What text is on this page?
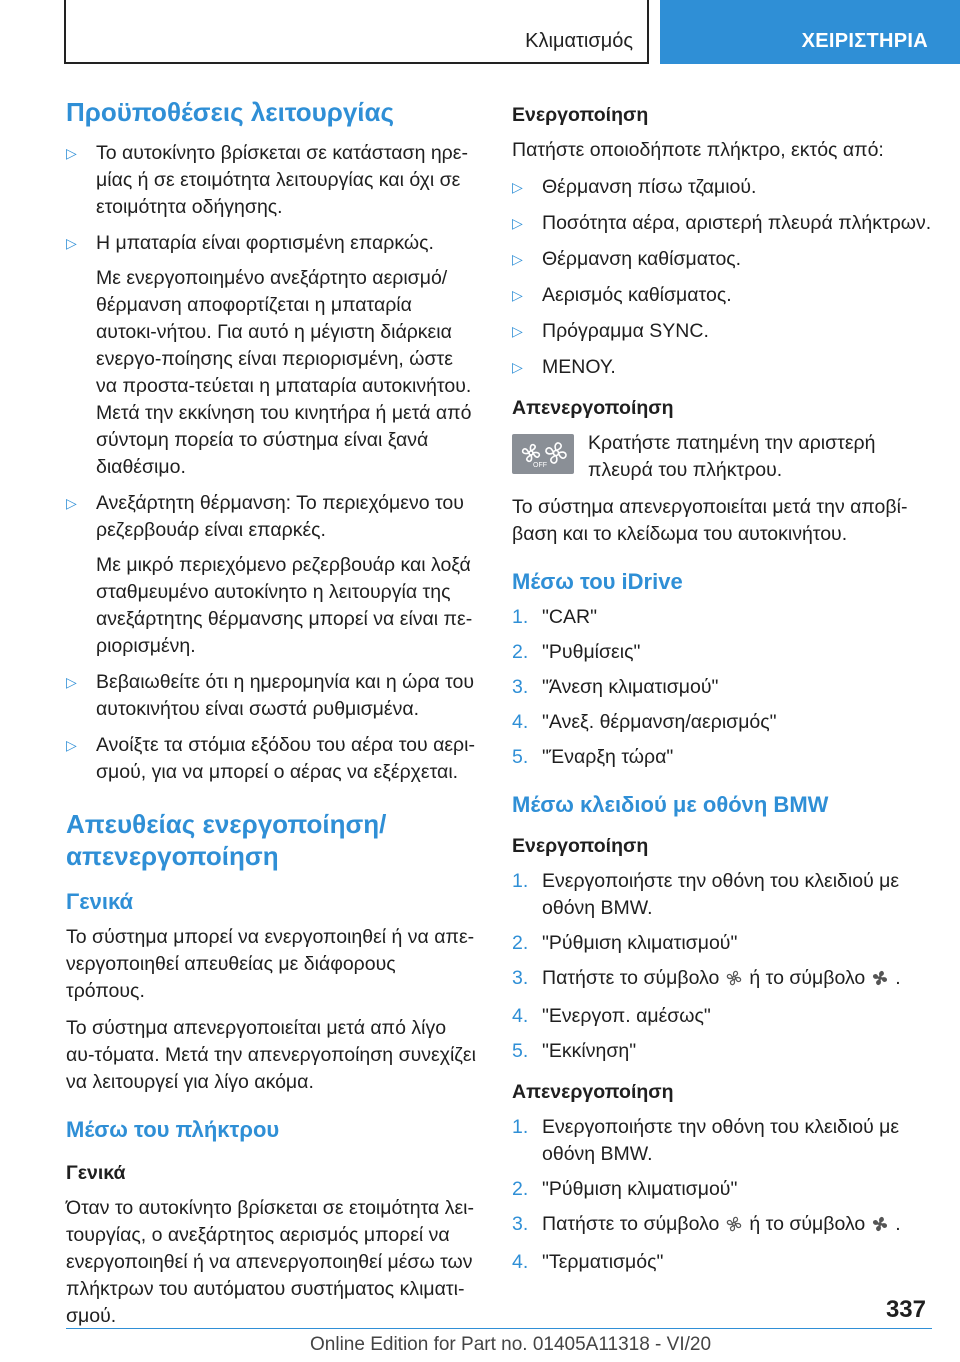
Κλιματισμός	ΧΕΙΡΙΣΤΗΡΙΑ
Προϋποθέσεις λειτουργίας
▷ Το αυτοκίνητο βρίσκεται σε κατάσταση ηρε-μίας ή σε ετοιμότητα λειτουργίας και όχι σε ετοιμότητα οδήγησης.
▷ Η μπαταρία είναι φορτισμένη επαρκώς.
Με ενεργοποιημένο ανεξάρτητο αερισμό/θέρμανση αποφορτίζεται η μπαταρία αυτοκι-νήτου. Για αυτό η μέγιστη διάρκεια ενεργο-ποίησης είναι περιορισμένη, ώστε να προστα-τεύεται η μπαταρία αυτοκινήτου. Μετά την εκκίνηση του κινητήρα ή μετά από σύντομη πορεία το σύστημα είναι ξανά διαθέσιμο.
▷ Ανεξάρτητη θέρμανση: Το περιεχόμενο του ρεζερβουάρ είναι επαρκές.
Με μικρό περιεχόμενο ρεζερβουάρ και λοξά σταθμευμένο αυτοκίνητο η λειτουργία της ανεξάρτητης θέρμανσης μπορεί να είναι πε-ριορισμένη.
▷ Βεβαιωθείτε ότι η ημερομηνία και η ώρα του αυτοκινήτου είναι σωστά ρυθμισμένα.
▷ Ανοίξτε τα στόμια εξόδου του αέρα του αερι-σμού, για να μπορεί ο αέρας να εξέρχεται.
Απευθείας ενεργοποίηση/ απενεργοποίηση
Γενικά

Το σύστημα μπορεί να ενεργοποιηθεί ή να απε-νεργοποιηθεί απευθείας με διάφορους τρόπους.

Το σύστημα απενεργοποιείται μετά από λίγο αυ-τόματα. Μετά την απενεργοποίηση συνεχίζει να λειτουργεί για λίγο ακόμα.

Μέσω του πλήκτρου
Γενικά

Όταν το αυτοκίνητο βρίσκεται σε ετοιμότητα λει-τουργίας, ο ανεξάρτητος αερισμός μπορεί να ενεργοποιηθεί ή να απενεργοποιηθεί μέσω των πλήκτρων του αυτόματου συστήματος κλιματι-σμού.

Ενεργοποίηση

Πατήστε οποιοδήποτε πλήκτρο, εκτός από:

▷ Θέρμανση πίσω τζαμιού.
▷ Ποσότητα αέρα, αριστερή πλευρά πλήκτρων.
▷ Θέρμανση καθίσματος.
▷ Αερισμός καθίσματος.
▷ Πρόγραμμα SYNC.
▷ ΜΕΝΟΥ.
Απενεργοποίηση
OFF
Κρατήστε πατημένη την αριστερή πλευρά του πλήκτρου.

Το σύστημα απενεργοποιείται μετά την αποβί-βαση και το κλείδωμα του αυτοκινήτου.

Μέσω του iDrive
1. "CAR"
2. "Ρυθμίσεις"
3. "Άνεση κλιματισμού"
4. "Ανεξ. θέρμανση/αερισμός"
5. "Έναρξη τώρα"
Μέσω κλειδιού με οθόνη BMW
Ενεργοποίηση
1. Ενεργοποιήστε την οθόνη του κλειδιού με οθόνη BMW.
2. "Ρύθμιση κλιματισμού"
3. Πατήστε το σύμβολο ή το σύμβολο .
4. "Ενεργοπ. αμέσως"
5. "Εκκίνηση"
Απενεργοποίηση
1. Ενεργοποιήστε την οθόνη του κλειδιού με οθόνη BMW.
2. "Ρύθμιση κλιματισμού"
3. Πατήστε το σύμβολο ή το σύμβολο .
4. "Τερματισμός"
337
Online Edition for Part no. 01405A11318 - VI/20
